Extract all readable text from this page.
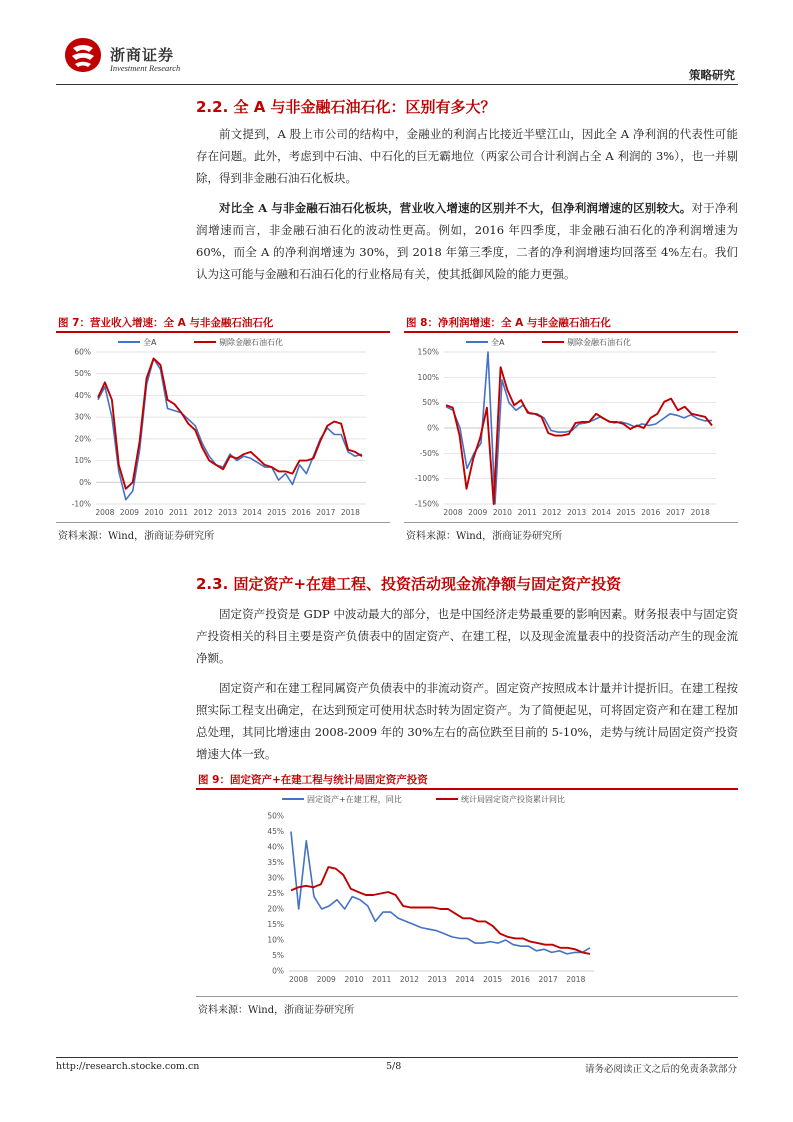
浙商证券
Investment Research	策略研究
2.2. 全 A 与非金融石油石化：区别有多大？
前文提到，A 股上市公司的结构中，金融业的利润占比接近半壁江山，因此全 A 净利润的代表性可能存在问题。此外，考虑到中石油、中石化的巨无霸地位（两家公司合计利润占全 A 利润的 3%），也一并剔除，得到非金融石油石化板块。
对比全 A 与非金融石油石化板块，营业收入增速的区别并不大，但净利润增速的区别较大。对于净利润增速而言，非金融石油石化的波动性更高。例如，2016 年四季度，非金融石油石化的净利润增速为 60%，而全 A 的净利润增速为 30%，到 2018 年第三季度，二者的净利润增速均回落至 4%左右。我们认为这可能与金融和石油石化的行业格局有关，使其抵御风险的能力更强。
图 7：营业收入增速：全 A 与非金融石油石化
-10%
0%
10%
20%
30%
40%
50%
60%
2008 2009 2010 2011 2012 2013 2014 2015 2016 2017 2018
全A	剔除金融石油石化
资料来源：Wind，浙商证券研究所
图 8：净利润增速：全 A 与非金融石油石化
-150%
-100%
-50%
0%
50%
100%
150%
2008 2009 2010 2011 2012 2013 2014 2015 2016 2017 2018
全A	剔除金融石油石化
资料来源：Wind，浙商证券研究所
2.3. 固定资产+在建工程、投资活动现金流净额与固定资产投资
固定资产投资是 GDP 中波动最大的部分，也是中国经济走势最重要的影响因素。财务报表中与固定资产投资相关的科目主要是资产负债表中的固定资产、在建工程，以及现金流量表中的投资活动产生的现金流净额。
固定资产和在建工程同属资产负债表中的非流动资产。固定资产按照成本计量并计提折旧。在建工程按照实际工程支出确定，在达到预定可使用状态时转为固定资产。为了简便起见，可将固定资产和在建工程加总处理，其同比增速由 2008-2009 年的 30%左右的高位跌至目前的 5-10%，走势与统计局固定资产投资增速大体一致。
图 9：固定资产+在建工程与统计局固定资产投资
0%
5%
10%
15%
20%
25%
30%
35%
40%
45%
50%
2008 2009 2010 2011 2012 2013 2014 2015 2016 2017 2018
固定资产+在建工程，同比	统计局固定资产投资累计同比
资料来源：Wind，浙商证券研究所
http://research.stocke.com.cn	5/8	请务必阅读正文之后的免责条款部分
